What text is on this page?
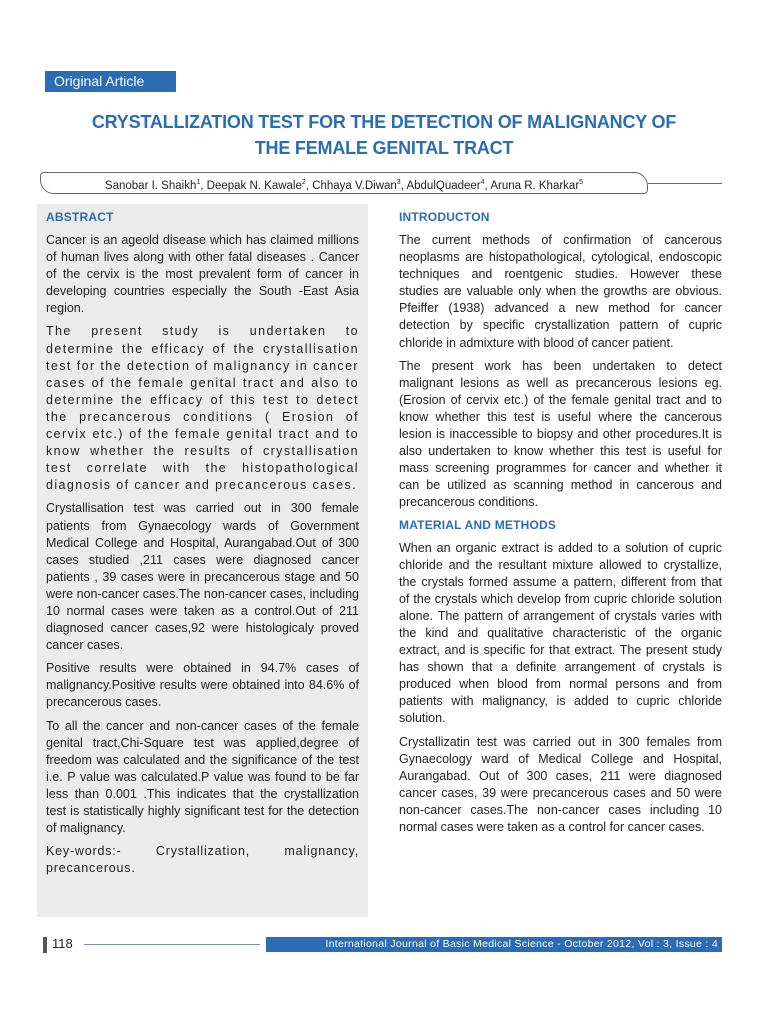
Original Article
CRYSTALLIZATION TEST FOR THE DETECTION OF MALIGNANCY OF
THE FEMALE GENITAL TRACT
Sanobar I. Shaikh$^1$, Deepak N. Kawale$^2$, Chhaya V.Diwan$^3$, AbdulQuadeer$^4$, Aruna R. Kharkar$^5$
ABSTRACT

Cancer is an ageold disease which has claimed millions of human lives along with other fatal diseases . Cancer of the cervix is the most prevalent form of cancer in developing countries especially the South -East Asia region.

The present study is undertaken to determine the efficacy of the crystallisation test for the detection of malignancy in cancer cases of the female genital tract and also to determine the efficacy of this test to detect the precancerous conditions ( Erosion of cervix etc.) of the female genital tract and to know whether the results of crystallisation test correlate with the histopathological diagnosis of cancer and precancerous cases.

Crystallisation test was carried out in 300 female patients from Gynaecology wards of Government Medical College and Hospital, Aurangabad.Out of 300 cases studied ,211 cases were diagnosed cancer patients , 39 cases were in precancerous stage and 50 were non-cancer cases.The non-cancer cases, including 10 normal cases were taken as a control.Out of 211 diagnosed cancer cases,92 were histologicaly proved cancer cases.

Positive results were obtained in 94.7% cases of malignancy.Positive results were obtained into 84.6% of precancerous cases.

To all the cancer and non-cancer cases of the female genital tract,Chi-Square test was applied,degree of freedom was calculated and the significance of the test i.e. P value was calculated.P value was found to be far less than 0.001 .This indicates that the crystallization test is statistically highly significant test for the detection of malignancy.

Key-words:- Crystallization, malignancy, precancerous.

INTRODUCTON

The current methods of confirmation of cancerous neoplasms are histopathological, cytological, endoscopic techniques and roentgenic studies. However these studies are valuable only when the growths are obvious. Pfeiffer (1938) advanced a new method for cancer detection by specific crystallization pattern of cupric chloride in admixture with blood of cancer patient.

The present work has been undertaken to detect malignant lesions as well as precancerous lesions eg.(Erosion of cervix etc.) of the female genital tract and to know whether this test is useful where the cancerous lesion is inaccessible to biopsy and other procedures.It is also undertaken to know whether this test is useful for mass screening programmes for cancer and whether it can be utilized as scanning method in cancerous and precancerous conditions.

MATERIAL AND METHODS

When an organic extract is added to a solution of cupric chloride and the resultant mixture allowed to crystallize, the crystals formed assume a pattern, different from that of the crystals which develop from cupric chloride solution alone. The pattern of arrangement of crystals varies with the kind and qualitative characteristic of the organic extract, and is specific for that extract. The present study has shown that a definite arrangement of crystals is produced when blood from normal persons and from patients with malignancy, is added to cupric chloride solution.

Crystallizatin test was carried out in 300 females from Gynaecology ward of Medical College and Hospital, Aurangabad. Out of 300 cases, 211 were diagnosed cancer cases, 39 were precancerous cases and 50 were non-cancer cases.The non-cancer cases including 10 normal cases were taken as a control for cancer cases.

118	International Journal of Basic Medical Science - October 2012, Vol : 3, Issue : 4
